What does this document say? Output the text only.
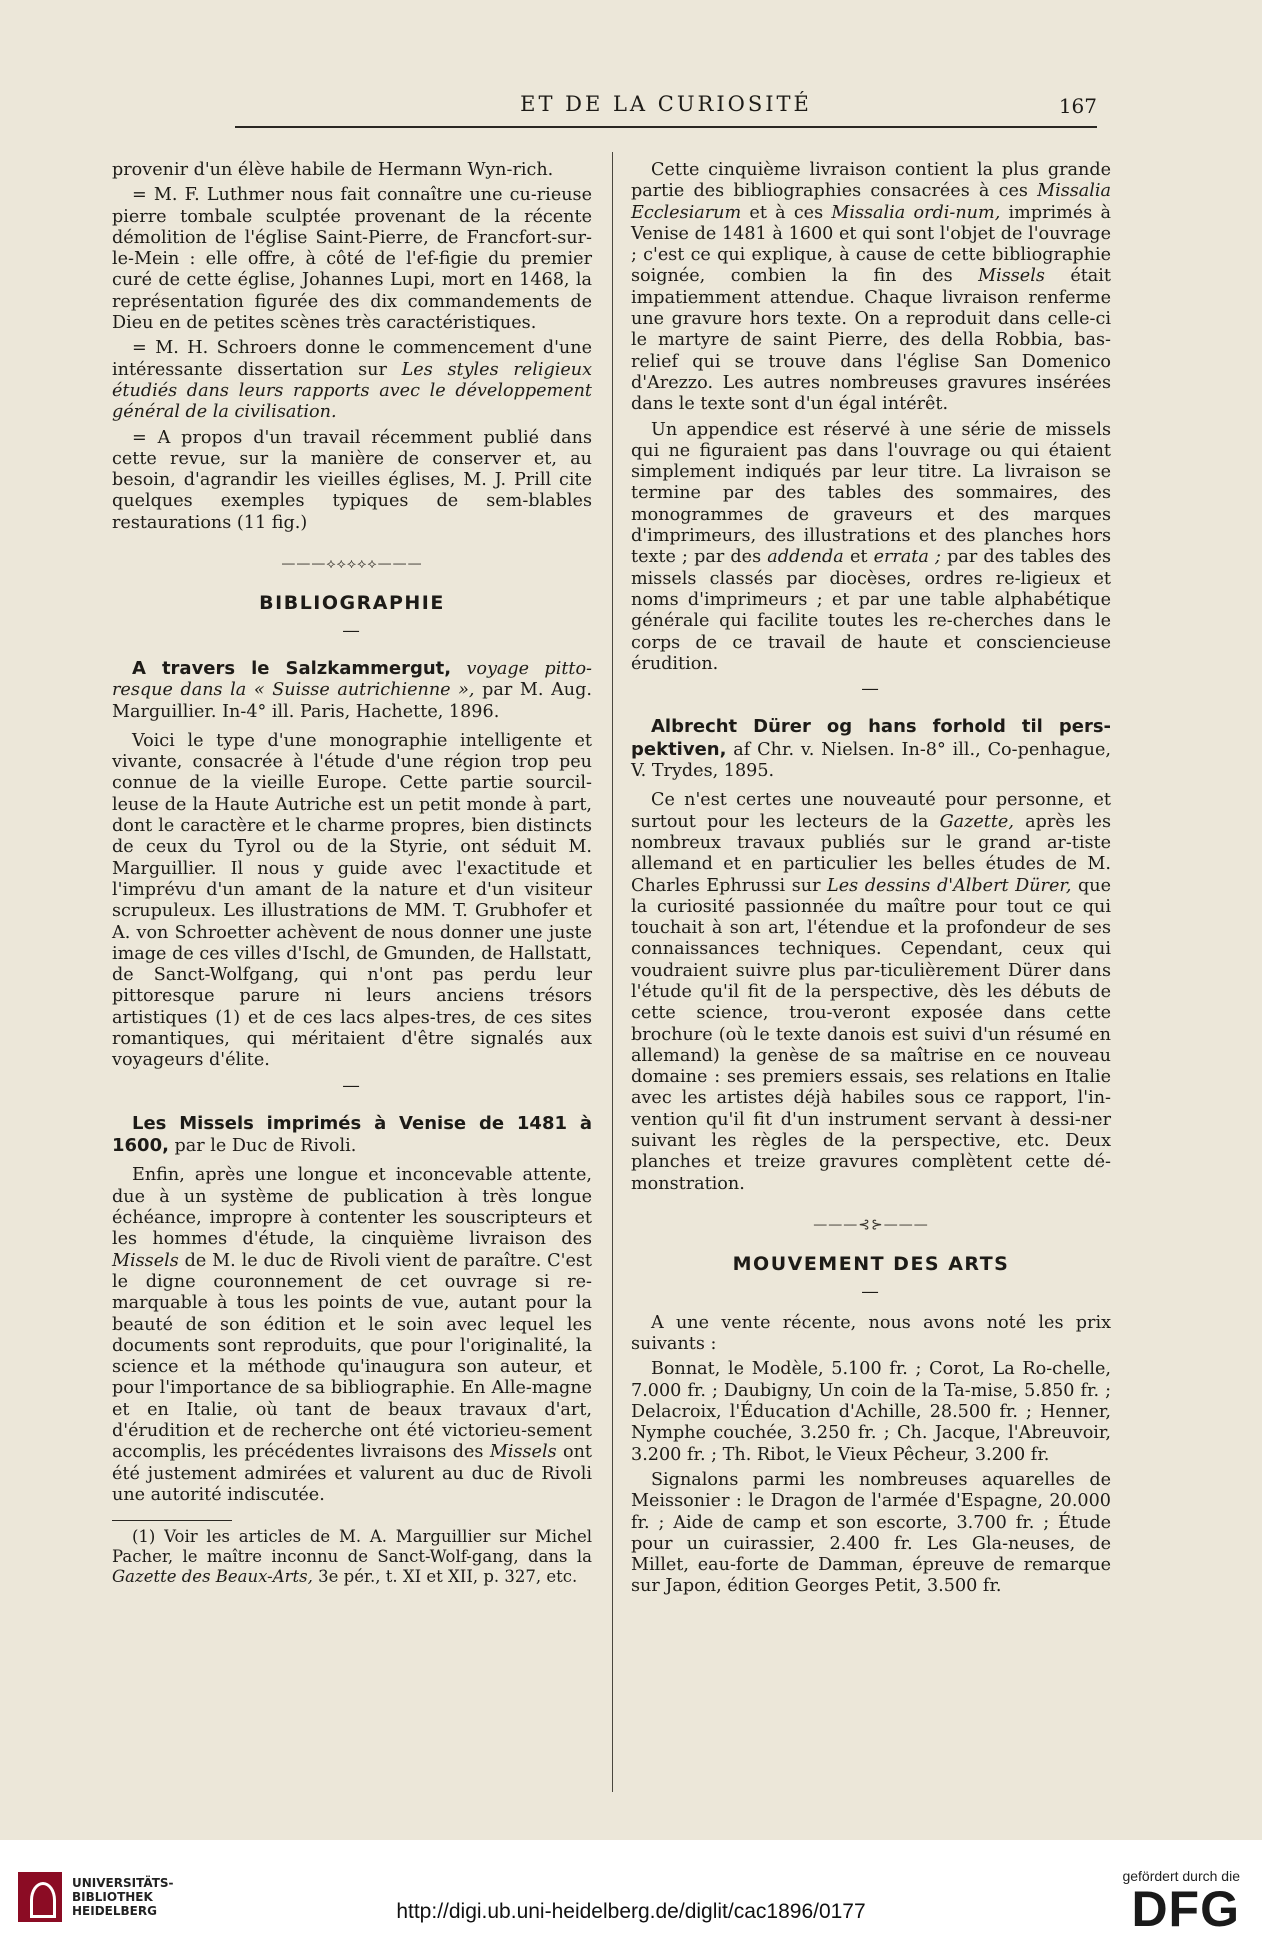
ET DE LA CURIOSITÉ	167

provenir d'un élève habile de Hermann Wyn-rich.

= M. F. Luthmer nous fait connaître une cu-rieuse pierre tombale sculptée provenant de la récente démolition de l'église Saint-Pierre, de Francfort-sur-le-Mein : elle offre, à côté de l'ef-figie du premier curé de cette église, Johannes Lupi, mort en 1468, la représentation figurée des dix commandements de Dieu en de petites scènes très caractéristiques.

= M. H. Schroers donne le commencement d'une intéressante dissertation sur Les styles religieux étudiés dans leurs rapports avec le développement général de la civilisation.

= A propos d'un travail récemment publié dans cette revue, sur la manière de conserver et, au besoin, d'agrandir les vieilles églises, M. J. Prill cite quelques exemples typiques de sem-blables restaurations (11 fig.)

———⟡⟡⟡⟡⟡———
BIBLIOGRAPHIE
—

A travers le Salzkammergut, voyage pitto-resque dans la « Suisse autrichienne », par M. Aug. Marguillier. In-4° ill. Paris, Hachette, 1896.

Voici le type d'une monographie intelligente et vivante, consacrée à l'étude d'une région trop peu connue de la vieille Europe. Cette partie sourcil-leuse de la Haute Autriche est un petit monde à part, dont le caractère et le charme propres, bien distincts de ceux du Tyrol ou de la Styrie, ont séduit M. Marguillier. Il nous y guide avec l'exactitude et l'imprévu d'un amant de la nature et d'un visiteur scrupuleux. Les illustrations de MM. T. Grubhofer et A. von Schroetter achèvent de nous donner une juste image de ces villes d'Ischl, de Gmunden, de Hallstatt, de Sanct-Wolfgang, qui n'ont pas perdu leur pittoresque parure ni leurs anciens trésors artistiques (1) et de ces lacs alpes-tres, de ces sites romantiques, qui méritaient d'être signalés aux voyageurs d'élite.

—

Les Missels imprimés à Venise de 1481 à 1600, par le Duc de Rivoli.

Enfin, après une longue et inconcevable attente, due à un système de publication à très longue échéance, impropre à contenter les souscripteurs et les hommes d'étude, la cinquième livraison des Missels de M. le duc de Rivoli vient de paraître. C'est le digne couronnement de cet ouvrage si re-marquable à tous les points de vue, autant pour la beauté de son édition et le soin avec lequel les documents sont reproduits, que pour l'originalité, la science et la méthode qu'inaugura son auteur, et pour l'importance de sa bibliographie. En Alle-magne et en Italie, où tant de beaux travaux d'art, d'érudition et de recherche ont été victorieu-sement accomplis, les précédentes livraisons des Missels ont été justement admirées et valurent au duc de Rivoli une autorité indiscutée.

(1) Voir les articles de M. A. Marguillier sur Michel Pacher, le maître inconnu de Sanct-Wolf-gang, dans la Gazette des Beaux-Arts, 3e pér., t. XI et XII, p. 327, etc.

Cette cinquième livraison contient la plus grande partie des bibliographies consacrées à ces Missalia Ecclesiarum et à ces Missalia ordi-num, imprimés à Venise de 1481 à 1600 et qui sont l'objet de l'ouvrage ; c'est ce qui explique, à cause de cette bibliographie soignée, combien la fin des Missels était impatiemment attendue. Chaque livraison renferme une gravure hors texte. On a reproduit dans celle-ci le martyre de saint Pierre, des della Robbia, bas-relief qui se trouve dans l'église San Domenico d'Arezzo. Les autres nombreuses gravures insérées dans le texte sont d'un égal intérêt.

Un appendice est réservé à une série de missels qui ne figuraient pas dans l'ouvrage ou qui étaient simplement indiqués par leur titre. La livraison se termine par des tables des sommaires, des monogrammes de graveurs et des marques d'imprimeurs, des illustrations et des planches hors texte ; par des addenda et errata ; par des tables des missels classés par diocèses, ordres re-ligieux et noms d'imprimeurs ; et par une table alphabétique générale qui facilite toutes les re-cherches dans le corps de ce travail de haute et consciencieuse érudition.

—

Albrecht Dürer og hans forhold til pers-pektiven, af Chr. v. Nielsen. In-8° ill., Co-penhague, V. Trydes, 1895.

Ce n'est certes une nouveauté pour personne, et surtout pour les lecteurs de la Gazette, après les nombreux travaux publiés sur le grand ar-tiste allemand et en particulier les belles études de M. Charles Ephrussi sur Les dessins d'Albert Dürer, que la curiosité passionnée du maître pour tout ce qui touchait à son art, l'étendue et la profondeur de ses connaissances techniques. Cependant, ceux qui voudraient suivre plus par-ticulièrement Dürer dans l'étude qu'il fit de la perspective, dès les débuts de cette science, trou-veront exposée dans cette brochure (où le texte danois est suivi d'un résumé en allemand) la genèse de sa maîtrise en ce nouveau domaine : ses premiers essais, ses relations en Italie avec les artistes déjà habiles sous ce rapport, l'in-vention qu'il fit d'un instrument servant à dessi-ner suivant les règles de la perspective, etc. Deux planches et treize gravures complètent cette dé-monstration.

———⊰⊱———
MOUVEMENT DES ARTS
—

A une vente récente, nous avons noté les prix suivants :

Bonnat, le Modèle, 5.100 fr. ; Corot, La Ro-chelle, 7.000 fr. ; Daubigny, Un coin de la Ta-mise, 5.850 fr. ; Delacroix, l'Éducation d'Achille, 28.500 fr. ; Henner, Nymphe couchée, 3.250 fr. ; Ch. Jacque, l'Abreuvoir, 3.200 fr. ; Th. Ribot, le Vieux Pêcheur, 3.200 fr.

Signalons parmi les nombreuses aquarelles de Meissonier : le Dragon de l'armée d'Espagne, 20.000 fr. ; Aide de camp et son escorte, 3.700 fr. ; Étude pour un cuirassier, 2.400 fr. Les Gla-neuses, de Millet, eau-forte de Damman, épreuve de remarque sur Japon, édition Georges Petit, 3.500 fr.

UNIVERSITÄTS-
BIBLIOTHEK
HEIDELBERG	http://digi.ub.uni-heidelberg.de/diglit/cac1896/0177
gefördert durch die
DFG
